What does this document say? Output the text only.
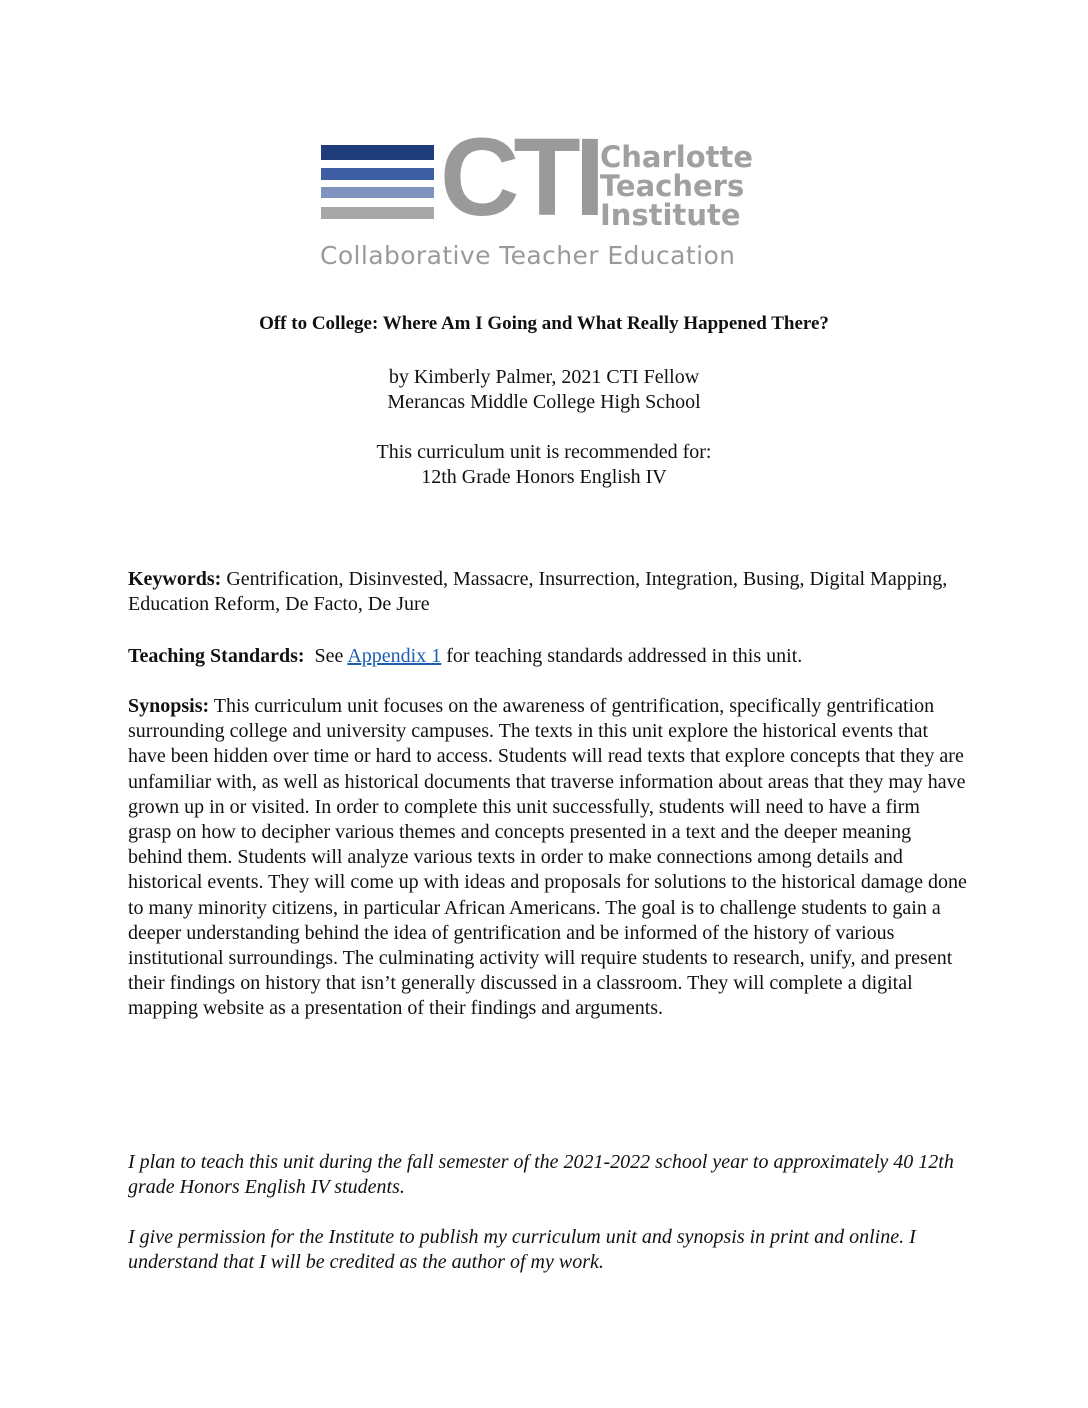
CTI Charlotte
Teachers
Institute
Collaborative Teacher Education
Off to College: Where Am I Going and What Really Happened There?
by Kimberly Palmer, 2021 CTI Fellow
Merancas Middle College High School
This curriculum unit is recommended for:
12th Grade Honors English IV

Keywords: Gentrification, Disinvested, Massacre, Insurrection, Integration, Busing, Digital Mapping, Education Reform, De Facto, De Jure

Teaching Standards:  See Appendix 1 for teaching standards addressed in this unit.

Synopsis: This curriculum unit focuses on the awareness of gentrification, specifically gentrification surrounding college and university campuses. The texts in this unit explore the historical events that have been hidden over time or hard to access. Students will read texts that explore concepts that they are unfamiliar with, as well as historical documents that traverse information about areas that they may have grown up in or visited. In order to complete this unit successfully, students will need to have a firm grasp on how to decipher various themes and concepts presented in a text and the deeper meaning behind them. Students will analyze various texts in order to make connections among details and historical events. They will come up with ideas and proposals for solutions to the historical damage done to many minority citizens, in particular African Americans. The goal is to challenge students to gain a deeper understanding behind the idea of gentrification and be informed of the history of various institutional surroundings. The culminating activity will require students to research, unify, and present their findings on history that isn’t generally discussed in a classroom. They will complete a digital mapping website as a presentation of their findings and arguments.

I plan to teach this unit during the fall semester of the 2021-2022 school year to approximately 40 12th grade Honors English IV students.

I give permission for the Institute to publish my curriculum unit and synopsis in print and online. I understand that I will be credited as the author of my work.
